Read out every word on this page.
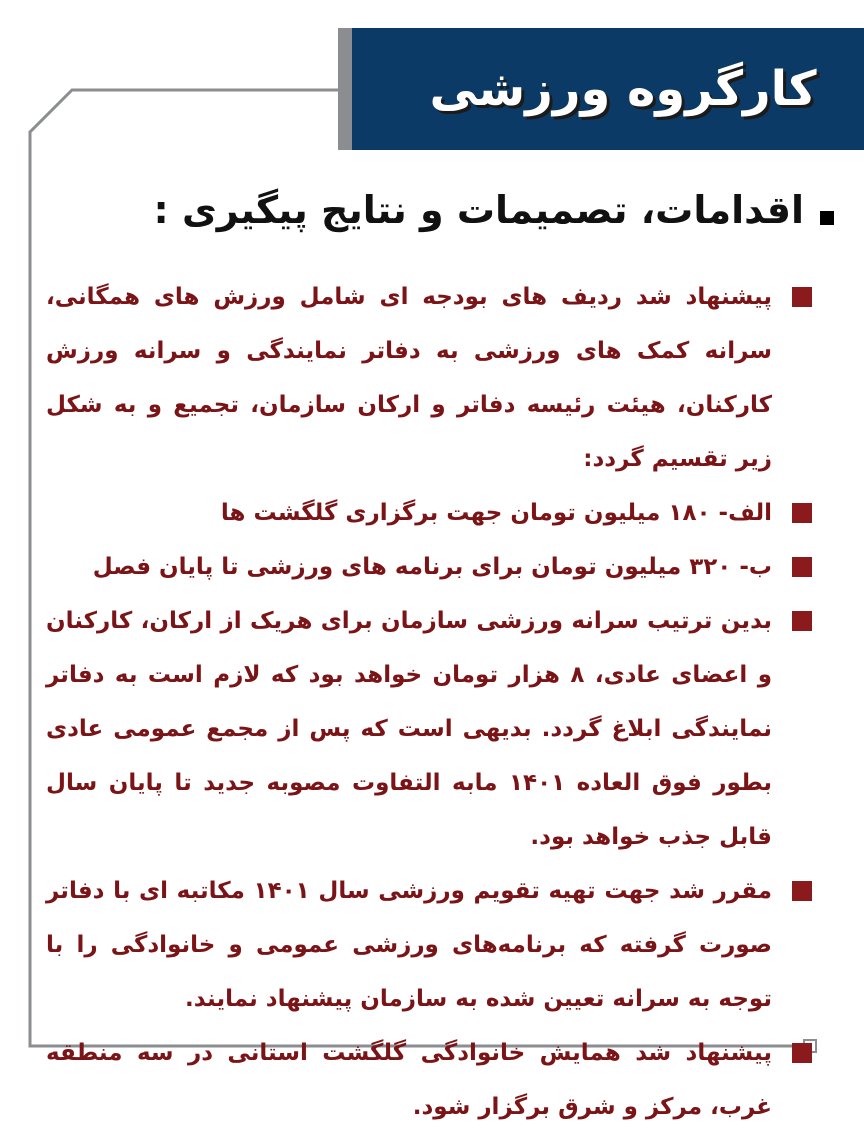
کارگروه ورزشی
اقدامات، تصمیمات و نتایج پیگیری :

پیشنهاد شد ردیف های بودجه ای شامل ورزش های همگانی، سرانه کمک های ورزشی به دفاتر نمایندگی و سرانه ورزش کارکنان، هیئت رئیسه دفاتر و ارکان سازمان، تجمیع و به شکل زیر تقسیم گردد:

الف- ۱۸۰ میلیون تومان جهت برگزاری گلگشت ها

ب- ۳۲۰ میلیون تومان برای برنامه های ورزشی تا پایان فصل

بدین ترتیب سرانه ورزشی سازمان برای هریک از ارکان، کارکنان و اعضای عادی، ۸ هزار تومان خواهد بود که لازم است به دفاتر نمایندگی ابلاغ گردد. بدیهی است که پس از مجمع عمومی عادی بطور فوق العاده ۱۴۰۱ مابه التفاوت مصوبه جدید تا پایان سال قابل جذب خواهد بود.

مقرر شد جهت تهیه تقویم ورزشی سال ۱۴۰۱ مکاتبه ای با دفاتر صورت گرفته که برنامه‌های ورزشی عمومی و خانوادگی را با توجه به سرانه تعیین شده به سازمان پیشنهاد نمایند.

پیشنهاد شد همایش خانوادگی گلگشت استانی در سه منطقه غرب، مرکز و شرق برگزار شود.
